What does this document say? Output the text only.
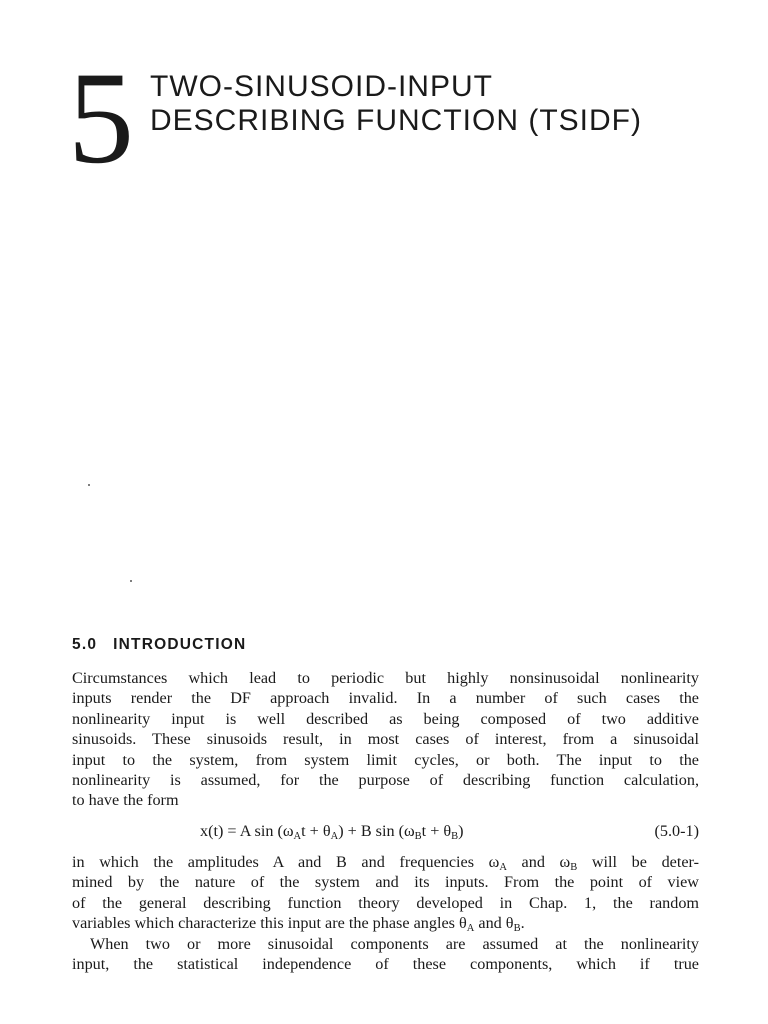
5 TWO-SINUSOID-INPUT
DESCRIBING FUNCTION (TSIDF)
5.0 INTRODUCTION
Circumstances which lead to periodic but highly nonsinusoidal nonlinearity
inputs render the DF approach invalid. In a number of such cases the
nonlinearity input is well described as being composed of two additive
sinusoids. These sinusoids result, in most cases of interest, from a sinusoidal
input to the system, from system limit cycles, or both. The input to the
nonlinearity is assumed, for the purpose of describing function calculation,
to have the form
x(t) = A $\sin (\omega_At + \theta_A) + B$ $\sin (\omega_Bt + \theta_B)$	(5.0-1)
in which the amplitudes A and B and frequencies $\omega_A$ and $\omega_B$ will be deter-
mined by the nature of the system and its inputs. From the point of view
of the general describing function theory developed in Chap. 1, the random
variables which characterize this input are the phase angles $\theta_A$ and $\theta_B$.
When two or more sinusoidal components are assumed at the nonlinearity
input, the statistical independence of these components, which if true
